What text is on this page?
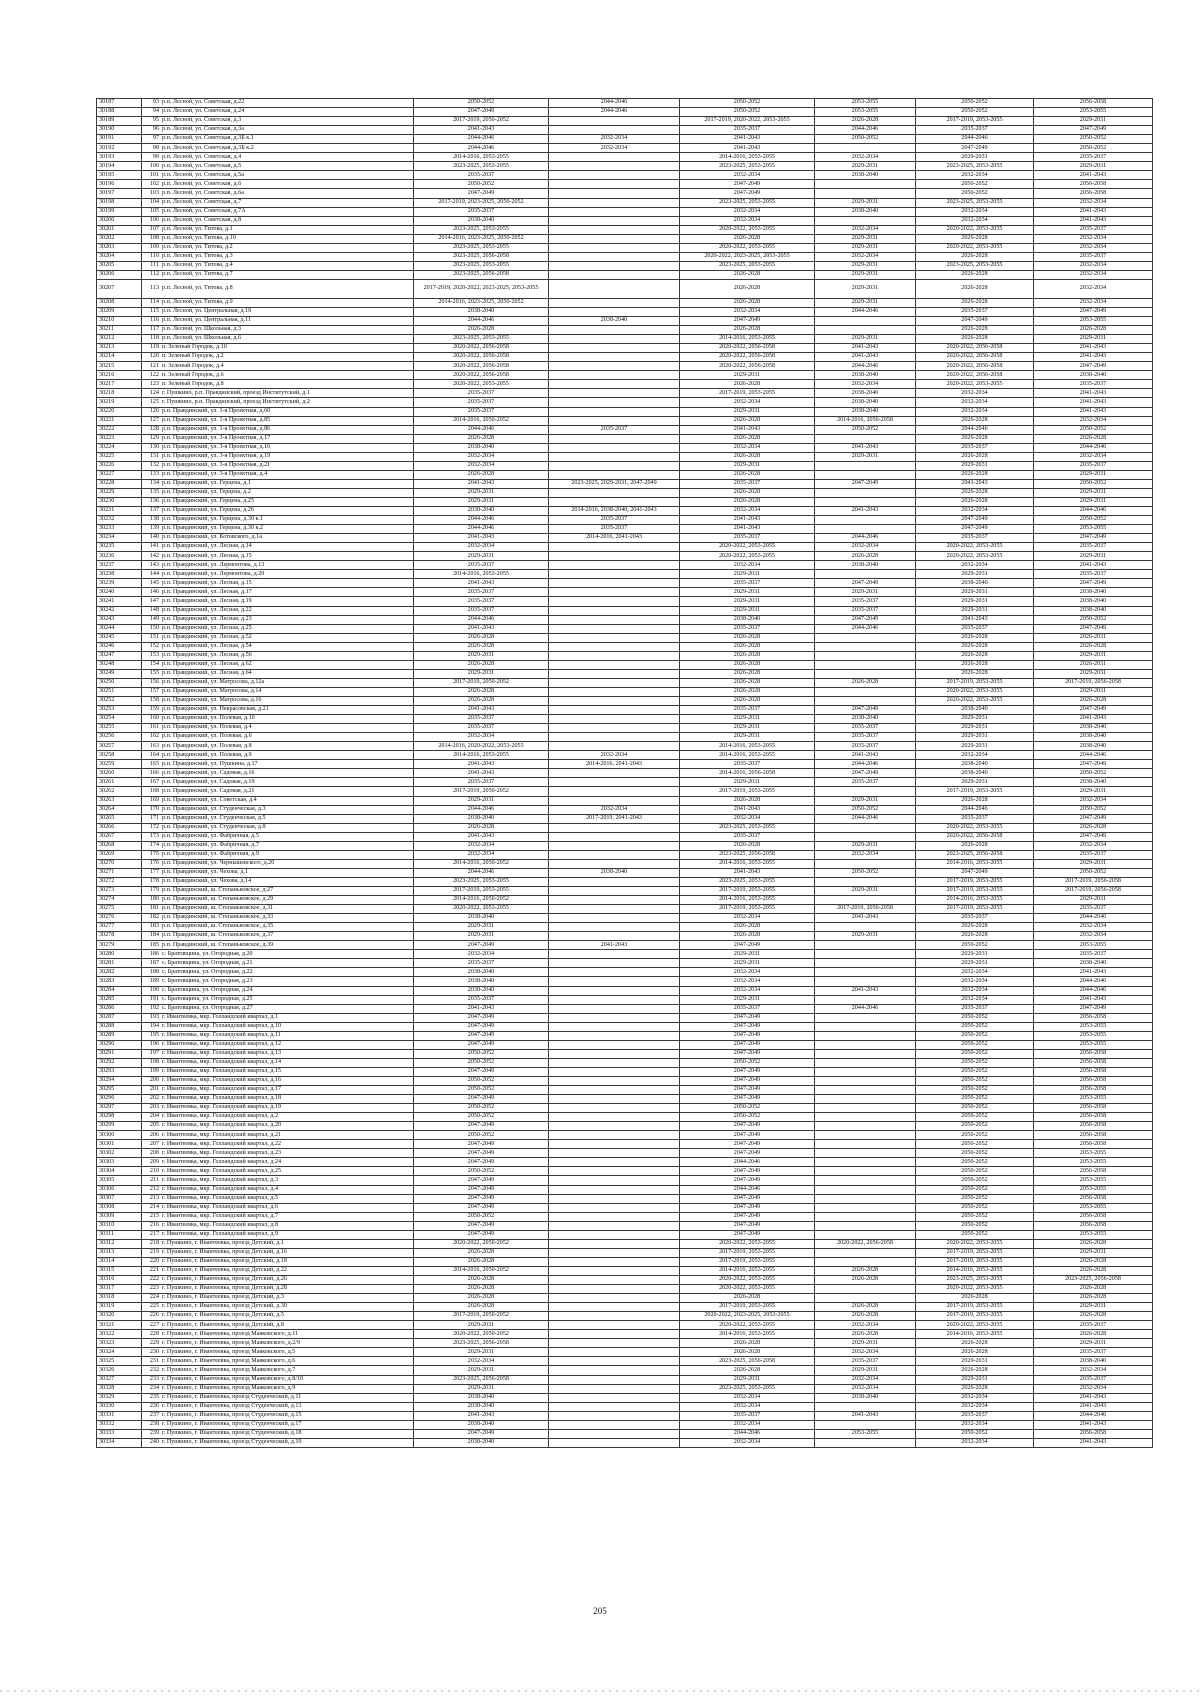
30187	93	р.п. Лесной, ул. Советская, д.22	2050-2052	2044-2046	2050-2052	2053-2055	2050-2052	2056-2058
30188	94	р.п. Лесной, ул. Советская, д.24	2047-2049	2044-2046	2050-2052	2053-2055	2050-2052	2053-2055
30189	95	р.п. Лесной, ул. Советская, д.3	2017-2019, 2050-2052		2017-2019, 2020-2022, 2053-2055	2026-2028	2017-2019, 2053-2055	2029-2031
30190	96	р.п. Лесной, ул. Советская, д.3а	2041-2043		2035-2037	2044-2046	2035-2037	2047-2049
30191	97	р.п. Лесной, ул. Советская, д.3Б к.1	2044-2046	2032-2034	2041-2043	2050-2052	2044-2046	2050-2052
30192	98	р.п. Лесной, ул. Советская, д.3Б к.2	2044-2046	2032-2034	2041-2043		2047-2049	2050-2052
30193	99	р.п. Лесной, ул. Советская, д.4	2014-2016, 2053-2055		2014-2016, 2053-2055	2032-2034	2029-2031	2035-2037
30194	100	р.п. Лесной, ул. Советская, д.5	2023-2025, 2053-2055		2023-2025, 2053-2055	2029-2031	2023-2025, 2053-2055	2029-2031
30195	101	р.п. Лесной, ул. Советская, д.5а	2035-2037		2032-2034	2038-2040	2032-2034	2041-2043
30196	102	р.п. Лесной, ул. Советская, д.6	2050-2052		2047-2049		2050-2052	2056-2058
30197	103	р.п. Лесной, ул. Советская, д.6а	2047-2049		2047-2049		2050-2052	2056-2058
30198	104	р.п. Лесной, ул. Советская, д.7	2017-2019, 2023-2025, 2050-2052		2023-2025, 2053-2055	2029-2031	2023-2025, 2053-2055	2032-2034
30199	105	р.п. Лесной, ул. Советская, д.7А	2035-2037		2032-2034	2038-2040	2032-2034	2041-2043
30200	106	р.п. Лесной, ул. Советская, д.8	2038-2040		2032-2034		2032-2034	2041-2043
30201	107	р.п. Лесной, ул. Титова, д.1	2023-2025, 2053-2055		2020-2022, 2053-2055	2032-2034	2020-2022, 2053-2055	2035-2037
30202	108	р.п. Лесной, ул. Титова, д.10	2014-2016, 2023-2025, 2050-2052		2026-2028	2029-2031	2026-2028	2032-2034
30203	109	р.п. Лесной, ул. Титова, д.2	2023-2025, 2053-2055		2020-2022, 2053-2055	2029-2031	2020-2022, 2053-2055	2032-2034
30204	110	р.п. Лесной, ул. Титова, д.3	2023-2025, 2056-2058		2020-2022, 2023-2025, 2053-2055	2032-2034	2026-2028	2035-2037
30205	111	р.п. Лесной, ул. Титова, д.4	2023-2025, 2053-2055		2023-2025, 2053-2055	2029-2031	2023-2025, 2053-2055	2032-2034
30206	112	р.п. Лесной, ул. Титова, д.7	2023-2025, 2056-2058		2026-2028	2029-2031	2026-2028	2032-2034
30207	113	р.п. Лесной, ул. Титова, д.8	2017-2019, 2020-2022, 2023-2025, 2053-2055		2026-2028	2029-2031	2026-2028	2032-2034
30208	114	р.п. Лесной, ул. Титова, д.9	2014-2016, 2023-2025, 2050-2052		2026-2028	2029-2031	2026-2028	2032-2034
30209	115	р.п. Лесной, ул. Центральная, д.10	2038-2040		2032-2034	2044-2046	2035-2037	2047-2049
30210	116	р.п. Лесной, ул. Центральная, д.11	2044-2046	2038-2040	2047-2049		2047-2049	2053-2055
30211	117	р.п. Лесной, ул. Школьная, д.3	2026-2028		2026-2028		2026-2028	2026-2028
30212	118	р.п. Лесной, ул. Школьная, д.6	2023-2025, 2053-2055		2014-2016, 2053-2055	2029-2031	2026-2028	2029-2031
30213	119	п. Зеленый Городок, д.10	2020-2022, 2056-2058		2020-2022, 2056-2058	2041-2043	2020-2022, 2056-2058	2041-2043
30214	120	п. Зеленый Городок, д.2	2020-2022, 2056-2058		2020-2022, 2056-2058	2041-2043	2020-2022, 2056-2058	2041-2043
30215	121	п. Зеленый Городок, д.4	2020-2022, 2056-2058		2020-2022, 2056-2058	2044-2046	2020-2022, 2056-2058	2047-2049
30216	122	п. Зеленый Городок, д.6	2020-2022, 2056-2058		2029-2031	2038-2040	2020-2022, 2056-2058	2038-2040
30217	123	п. Зеленый Городок, д.8	2020-2022, 2053-2055		2026-2028	2032-2034	2020-2022, 2053-2055	2035-2037
30218	124	г. Пушкино, р.п. Правдинский, проезд Институтский, д.1	2035-2037		2017-2019, 2053-2055	2038-2040	2032-2034	2041-2043
30219	125	г. Пушкино, р.п. Правдинский, проезд Институтский, д.2	2035-2037		2032-2034	2038-2040	2032-2034	2041-2043
30220	126	р.п. Правдинский, ул. 1-я Проектная, д.60	2035-2037		2029-2031	2038-2040	2032-2034	2041-2043
30221	127	р.п. Правдинский, ул. 1-я Проектная, д.85	2014-2016, 2050-2052		2026-2028	2014-2016, 2056-2058	2026-2028	2032-2034
30222	128	р.п. Правдинский, ул. 1-я Проектная, д.86	2044-2046	2035-2037	2041-2043	2050-2052	2044-2046	2050-2052
30223	129	р.п. Правдинский, ул. 3-я Проектная, д.17	2026-2028		2026-2028		2026-2028	2026-2028
30224	130	р.п. Правдинский, ул. 3-я Проектная, д.16	2038-2040		2032-2034	2041-2043	2035-2037	2044-2046
30225	131	р.п. Правдинский, ул. 3-я Проектная, д.19	2032-2034		2026-2028	2029-2031	2026-2028	2032-2034
30226	132	р.п. Правдинский, ул. 3-я Проектная, д.21	2032-2034		2029-2031		2029-2031	2035-2037
30227	133	р.п. Правдинский, ул. 3-я Проектная, д.4	2026-2028		2026-2028		2026-2028	2029-2031
30228	134	р.п. Правдинский, ул. Герцена, д.1	2041-2043	2023-2025, 2029-2031, 2047-2049	2035-2037	2047-2049	2041-2043	2050-2052
30229	135	р.п. Правдинский, ул. Герцена, д.2	2029-2031		2026-2028		2026-2028	2029-2031
30230	136	р.п. Правдинский, ул. Герцена, д.25	2029-2031		2026-2028		2026-2028	2029-2031
30231	137	р.п. Правдинский, ул. Герцена, д.26	2038-2040	2014-2016, 2038-2040, 2041-2043	2032-2034	2041-2043	2032-2034	2044-2046
30232	138	р.п. Правдинский, ул. Герцена, д.30 к.1	2044-2046	2035-2037	2041-2043		2047-2049	2050-2052
30233	139	р.п. Правдинский, ул. Герцена, д.30 к.2	2044-2046	2035-2037	2041-2043		2047-2049	2053-2055
30234	140	р.п. Правдинский, ул. Котовского, д.1а	2041-2043	2014-2016, 2041-2043	2035-2037	2044-2046	2035-2037	2047-2049
30235	141	р.п. Правдинский, ул. Лесная, д.14	2032-2034		2020-2022, 2053-2055	2032-2034	2020-2022, 2053-2055	2035-2037
30236	142	р.п. Правдинский, ул. Лесная, д.15	2029-2031		2020-2022, 2053-2055	2026-2028	2020-2022, 2053-2055	2029-2031
30237	143	р.п. Правдинский, ул. Лермонтова, д.13	2035-2037		2032-2034	2038-2040	2032-2034	2041-2043
30238	144	р.п. Правдинский, ул. Лермонтова, д.20	2014-2016, 2053-2055		2029-2031		2029-2031	2035-2037
30239	145	р.п. Правдинский, ул. Лесная, д.15	2041-2043		2035-2037	2047-2049	2038-2040	2047-2049
30240	146	р.п. Правдинский, ул. Лесная, д.17	2035-2037		2029-2031	2029-2031	2029-2031	2038-2040
30241	147	р.п. Правдинский, ул. Лесная, д.19	2035-2037		2029-2031	2035-2037	2029-2031	2038-2040
30242	148	р.п. Правдинский, ул. Лесная, д.22	2035-2037		2029-2031	2035-2037	2029-2031	2038-2040
30243	149	р.п. Правдинский, ул. Лесная, д.23	2044-2046		2038-2040	2047-2049	2041-2043	2050-2052
30244	150	р.п. Правдинский, ул. Лесная, д.25	2041-2043		2035-2037	2044-2046	2035-2037	2047-2049
30245	151	р.п. Правдинский, ул. Лесная, д.52	2026-2028		2026-2028		2026-2028	2026-2031
30246	152	р.п. Правдинский, ул. Лесная, д.54	2026-2028		2026-2028		2026-2028	2026-2028
30247	153	р.п. Правдинский, ул. Лесная, д.56	2029-2031		2026-2028		2026-2028	2029-2031
30248	154	р.п. Правдинский, ул. Лесная, д.62	2026-2028		2026-2028		2026-2028	2026-2031
30249	155	р.п. Правдинский, ул. Лесная, д.64	2029-2031		2026-2028		2026-2028	2029-2031
30250	156	р.п. Правдинский, ул. Матросова, д.12а	2017-2019, 2050-2052		2026-2028	2026-2028	2017-2019, 2053-2055	2017-2019, 2056-2058
30251	157	р.п. Правдинский, ул. Матросова, д.14	2026-2028		2026-2028		2020-2022, 2053-2055	2029-2031
30252	158	р.п. Правдинский, ул. Матросова, д.16	2026-2028		2026-2028		2020-2022, 2053-2055	2026-2028
30253	159	р.п. Правдинский, ул. Некрасовская, д.21	2041-2043		2035-2037	2047-2049	2038-2040	2047-2049
30254	160	р.п. Правдинский, ул. Полевая, д.10	2035-2037		2029-2031	2038-2040	2029-2031	2041-2043
30255	161	р.п. Правдинский, ул. Полевая, д.4	2035-2037		2029-2031	2035-2037	2029-2031	2038-2040
30256	162	р.п. Правдинский, ул. Полевая, д.6	2032-2034		2029-2031	2035-2037	2029-2031	2038-2040
30257	163	р.п. Правдинский, ул. Полевая, д.8	2014-2016, 2020-2022, 2053-2055		2014-2016, 2053-2055	2035-2037	2029-2031	2038-2040
30258	164	р.п. Правдинский, ул. Полевая, д.9	2014-2016, 2053-2055	2032-2034	2014-2016, 2053-2055	2041-2043	2032-2034	2044-2046
30259	165	р.п. Правдинский, ул. Пушкина, д.17	2041-2043	2014-2016, 2041-2043	2035-2037	2044-2046	2038-2040	2047-2049
30260	166	р.п. Правдинский, ул. Садовая, д.16	2041-2043		2014-2016, 2056-2058	2047-2049	2038-2040	2050-2052
30261	167	р.п. Правдинский, ул. Садовая, д.19	2035-2037		2029-2031	2035-2037	2029-2031	2038-2040
30262	168	р.п. Правдинский, ул. Садовая, д.21	2017-2019, 2050-2052		2017-2019, 2053-2055		2017-2019, 2053-2055	2029-2031
30263	169	р.п. Правдинский, ул. Советская, д.4	2029-2031		2026-2028	2029-2031	2026-2028	2032-2034
30264	170	р.п. Правдинский, ул. Студенческая, д.3	2044-2046	2032-2034	2041-2043	2050-2052	2044-2046	2050-2052
30265	171	р.п. Правдинский, ул. Студенческая, д.5	2038-2040	2017-2019, 2041-2043	2032-2034	2044-2046	2035-2037	2047-2049
30266	172	р.п. Правдинский, ул. Студенческая, д.8	2026-2028		2023-2025, 2053-2055		2020-2022, 2053-2055	2026-2028
30267	173	р.п. Правдинский, ул. Фабричная, д.5	2041-2043		2035-2037		2020-2022, 2056-2058	2047-2049
30268	174	р.п. Правдинский, ул. Фабричная, д.7	2032-2034		2026-2028	2029-2031	2026-2028	2032-2034
30269	175	р.п. Правдинский, ул. Фабричная, д.9	2032-2034		2023-2025, 2056-2058	2032-2034	2023-2025, 2056-2058	2035-2037
30270	176	р.п. Правдинский, ул. Чернышевского, д.20	2014-2016, 2050-2052		2014-2016, 2053-2055		2014-2016, 2053-2055	2029-2031
30271	177	р.п. Правдинский, ул. Чехова, д.1	2044-2046	2038-2040	2041-2043	2050-2052	2047-2049	2050-2052
30272	178	р.п. Правдинский, ул. Чехова, д.14	2023-2025, 2053-2055		2023-2025, 2053-2055		2017-2019, 2053-2055	2017-2019, 2056-2058
30273	179	р.п. Правдинский, ш. Степаньковское, д.27	2017-2019, 2053-2055		2017-2019, 2053-2055	2029-2031	2017-2019, 2053-2055	2017-2019, 2056-2058
30274	180	р.п. Правдинский, ш. Степаньковское, д.29	2014-2016, 2050-2052		2014-2016, 2053-2055		2014-2016, 2053-2055	2029-2031
30275	181	р.п. Правдинский, ш. Степаньковское, д.31	2020-2022, 2053-2055		2017-2019, 2053-2055	2017-2019, 2056-2058	2017-2019, 2053-2055	2035-2037
30276	182	р.п. Правдинский, ш. Степаньковское, д.33	2038-2040		2032-2034	2041-2043	2035-2037	2044-2046
30277	183	р.п. Правдинский, ш. Степаньковское, д.35	2029-2031		2026-2028		2026-2028	2032-2034
30278	184	р.п. Правдинский, ш. Степаньковское, д.37	2029-2031		2026-2028	2029-2031	2026-2028	2032-2034
30279	185	р.п. Правдинский, ш. Степаньковское, д.39	2047-2049	2041-2043	2047-2049		2050-2052	2053-2055
30280	186	с. Братовщина, ул. Огородная, д.20	2032-2034		2029-2031		2029-2031	2035-2037
30281	187	с. Братовщина, ул. Огородная, д.21	2035-2037		2029-2031		2029-2031	2038-2040
30282	188	с. Братовщина, ул. Огородная, д.22	2038-2040		2032-2034		2032-2034	2041-2043
30283	189	с. Братовщина, ул. Огородная, д.23	2038-2040		2032-2034		2032-2034	2044-2046
30284	190	с. Братовщина, ул. Огородная, д.24	2038-2040		2032-2034	2041-2043	2032-2034	2044-2046
30285	191	с. Братовщина, ул. Огородная, д.25	2035-2037		2029-2031		2032-2034	2041-2043
30286	192	с. Братовщина, ул. Огородная, д.27	2041-2043		2035-2037	2044-2046	2035-2037	2047-2049
30287	193	г. Ивантеевка, мкр. Голландский квартал, д.1	2047-2049		2047-2049		2050-2052	2056-2058
30288	194	г. Ивантеевка, мкр. Голландский квартал, д.10	2047-2049		2047-2049		2050-2052	2053-2055
30289	195	г. Ивантеевка, мкр. Голландский квартал, д.11	2047-2049		2047-2049		2050-2052	2053-2055
30290	196	г. Ивантеевка, мкр. Голландский квартал, д.12	2047-2049		2047-2049		2050-2052	2053-2055
30291	197	г. Ивантеевка, мкр. Голландский квартал, д.13	2050-2052		2047-2049		2050-2052	2056-2058
30292	198	г. Ивантеевка, мкр. Голландский квартал, д.14	2050-2052		2050-2052		2050-2052	2056-2058
30293	199	г. Ивантеевка, мкр. Голландский квартал, д.15	2047-2049		2047-2049		2050-2052	2056-2058
30294	200	г. Ивантеевка, мкр. Голландский квартал, д.16	2050-2052		2047-2049		2050-2052	2056-2058
30295	201	г. Ивантеевка, мкр. Голландский квартал, д.17	2050-2052		2047-2049		2050-2052	2056-2058
30296	202	г. Ивантеевка, мкр. Голландский квартал, д.18	2047-2049		2047-2049		2050-2052	2053-2055
30297	203	г. Ивантеевка, мкр. Голландский квартал, д.19	2050-2052		2050-2052		2050-2052	2056-2058
30298	204	г. Ивантеевка, мкр. Голландский квартал, д.2	2050-2052		2050-2052		2050-2052	2056-2058
30299	205	г. Ивантеевка, мкр. Голландский квартал, д.20	2047-2049		2047-2049		2050-2052	2056-2058
30300	206	г. Ивантеевка, мкр. Голландский квартал, д.21	2050-2052		2047-2049		2050-2052	2056-2058
30301	207	г. Ивантеевка, мкр. Голландский квартал, д.22	2047-2049		2047-2049		2050-2052	2056-2058
30302	208	г. Ивантеевка, мкр. Голландский квартал, д.23	2047-2049		2047-2049		2050-2052	2053-2055
30303	209	г. Ивантеевка, мкр. Голландский квартал, д.24	2047-2049		2044-2046		2050-2052	2053-2055
30304	210	г. Ивантеевка, мкр. Голландский квартал, д.25	2050-2052		2047-2049		2050-2052	2056-2058
30305	211	г. Ивантеевка, мкр. Голландский квартал, д.3	2047-2049		2047-2049		2050-2052	2053-2055
30306	212	г. Ивантеевка, мкр. Голландский квартал, д.4	2047-2049		2044-2046		2050-2052	2053-2055
30307	213	г. Ивантеевка, мкр. Голландский квартал, д.5	2047-2049		2047-2049		2050-2052	2056-2058
30308	214	г. Ивантеевка, мкр. Голландский квартал, д.6	2047-2049		2047-2049		2050-2052	2053-2055
30309	215	г. Ивантеевка, мкр. Голландский квартал, д.7	2050-2052		2047-2049		2050-2052	2056-2058
30310	216	г. Ивантеевка, мкр. Голландский квартал, д.8	2047-2049		2047-2049		2050-2052	2056-2058
30311	217	г. Ивантеевка, мкр. Голландский квартал, д.9	2047-2049		2047-2049		2050-2052	2053-2055
30312	218	г. Пушкино, г. Ивантеевка, проезд Детский, д.1	2020-2022, 2050-2052		2020-2022, 2053-2055	2020-2022, 2056-2058	2020-2022, 2053-2055	2026-2028
30313	219	г. Пушкино, г. Ивантеевка, проезд Детский, д.16	2026-2028		2017-2019, 2053-2055		2017-2019, 2053-2055	2029-2031
30314	220	г. Пушкино, г. Ивантеевка, проезд Детский, д.18	2026-2028		2017-2019, 2053-2055		2017-2019, 2053-2055	2026-2028
30315	221	г. Пушкино, г. Ивантеевка, проезд Детский, д.22	2014-2016, 2050-2052		2014-2016, 2053-2055	2026-2028	2014-2016, 2053-2055	2026-2028
30316	222	г. Пушкино, г. Ивантеевка, проезд Детский, д.26	2026-2028		2020-2022, 2053-2055	2026-2028	2023-2025, 2053-2055	2023-2025, 2056-2058
30317	223	г. Пушкино, г. Ивантеевка, проезд Детский, д.28	2026-2028		2020-2022, 2053-2055		2020-2022, 2053-2055	2026-2028
30318	224	г. Пушкино, г. Ивантеевка, проезд Детский, д.3	2026-2028		2026-2028		2026-2028	2026-2028
30319	225	г. Пушкино, г. Ивантеевка, проезд Детский, д.30	2026-2028		2017-2019, 2053-2055	2026-2028	2017-2019, 2053-2055	2029-2031
30320	226	г. Пушкино, г. Ивантеевка, проезд Детский, д.5	2017-2019, 2050-2052		2020-2022, 2023-2025, 2053-2055	2026-2028	2017-2019, 2053-2055	2026-2028
30321	227	г. Пушкино, г. Ивантеевка, проезд Детский, д.8	2029-2031		2020-2022, 2053-2055	2032-2034	2020-2022, 2053-2055	2035-2037
30322	228	г. Пушкино, г. Ивантеевка, проезд Маяковского, д.11	2020-2022, 2050-2052		2014-2016, 2053-2055	2026-2028	2014-2016, 2053-2055	2026-2028
30323	229	г. Пушкино, г. Ивантеевка, проезд Маяковского, д.2/9	2023-2025, 2056-2058		2026-2028	2029-2031	2026-2028	2029-2031
30324	230	г. Пушкино, г. Ивантеевка, проезд Маяковского, д.5	2029-2031		2026-2028	2032-2034	2026-2028	2035-2037
30325	231	г. Пушкино, г. Ивантеевка, проезд Маяковского, д.6	2032-2034		2023-2025, 2056-2058	2035-2037	2029-2031	2038-2040
30326	232	г. Пушкино, г. Ивантеевка, проезд Маяковского, д.7	2029-2031		2026-2028	2029-2031	2026-2028	2032-2034
30327	233	г. Пушкино, г. Ивантеевка, проезд Маяковского, д.8/10	2023-2025, 2056-2058		2029-2031	2032-2034	2029-2031	2035-2037
30328	234	г. Пушкино, г. Ивантеевка, проезд Маяковского, д.9	2029-2031		2023-2025, 2053-2055	2032-2034	2026-2028	2032-2034
30329	235	г. Пушкино, г. Ивантеевка, проезд Студенческий, д.11	2038-2040		2032-2034	2038-2040	2032-2034	2041-2043
30330	236	г. Пушкино, г. Ивантеевка, проезд Студенческий, д.13	2038-2040		2032-2034		2032-2034	2041-2043
30331	237	г. Пушкино, г. Ивантеевка, проезд Студенческий, д.15	2041-2043		2035-2037	2041-2043	2035-2037	2044-2046
30332	238	г. Пушкино, г. Ивантеевка, проезд Студенческий, д.17	2038-2040		2032-2034		2032-2034	2041-2043
30333	239	г. Пушкино, г. Ивантеевка, проезд Студенческий, д.18	2047-2049		2044-2046	2053-2055	2050-2052	2056-2058
30334	240	г. Пушкино, г. Ивантеевка, проезд Студенческий, д.19	2038-2040		2032-2034		2032-2034	2041-2043
205
